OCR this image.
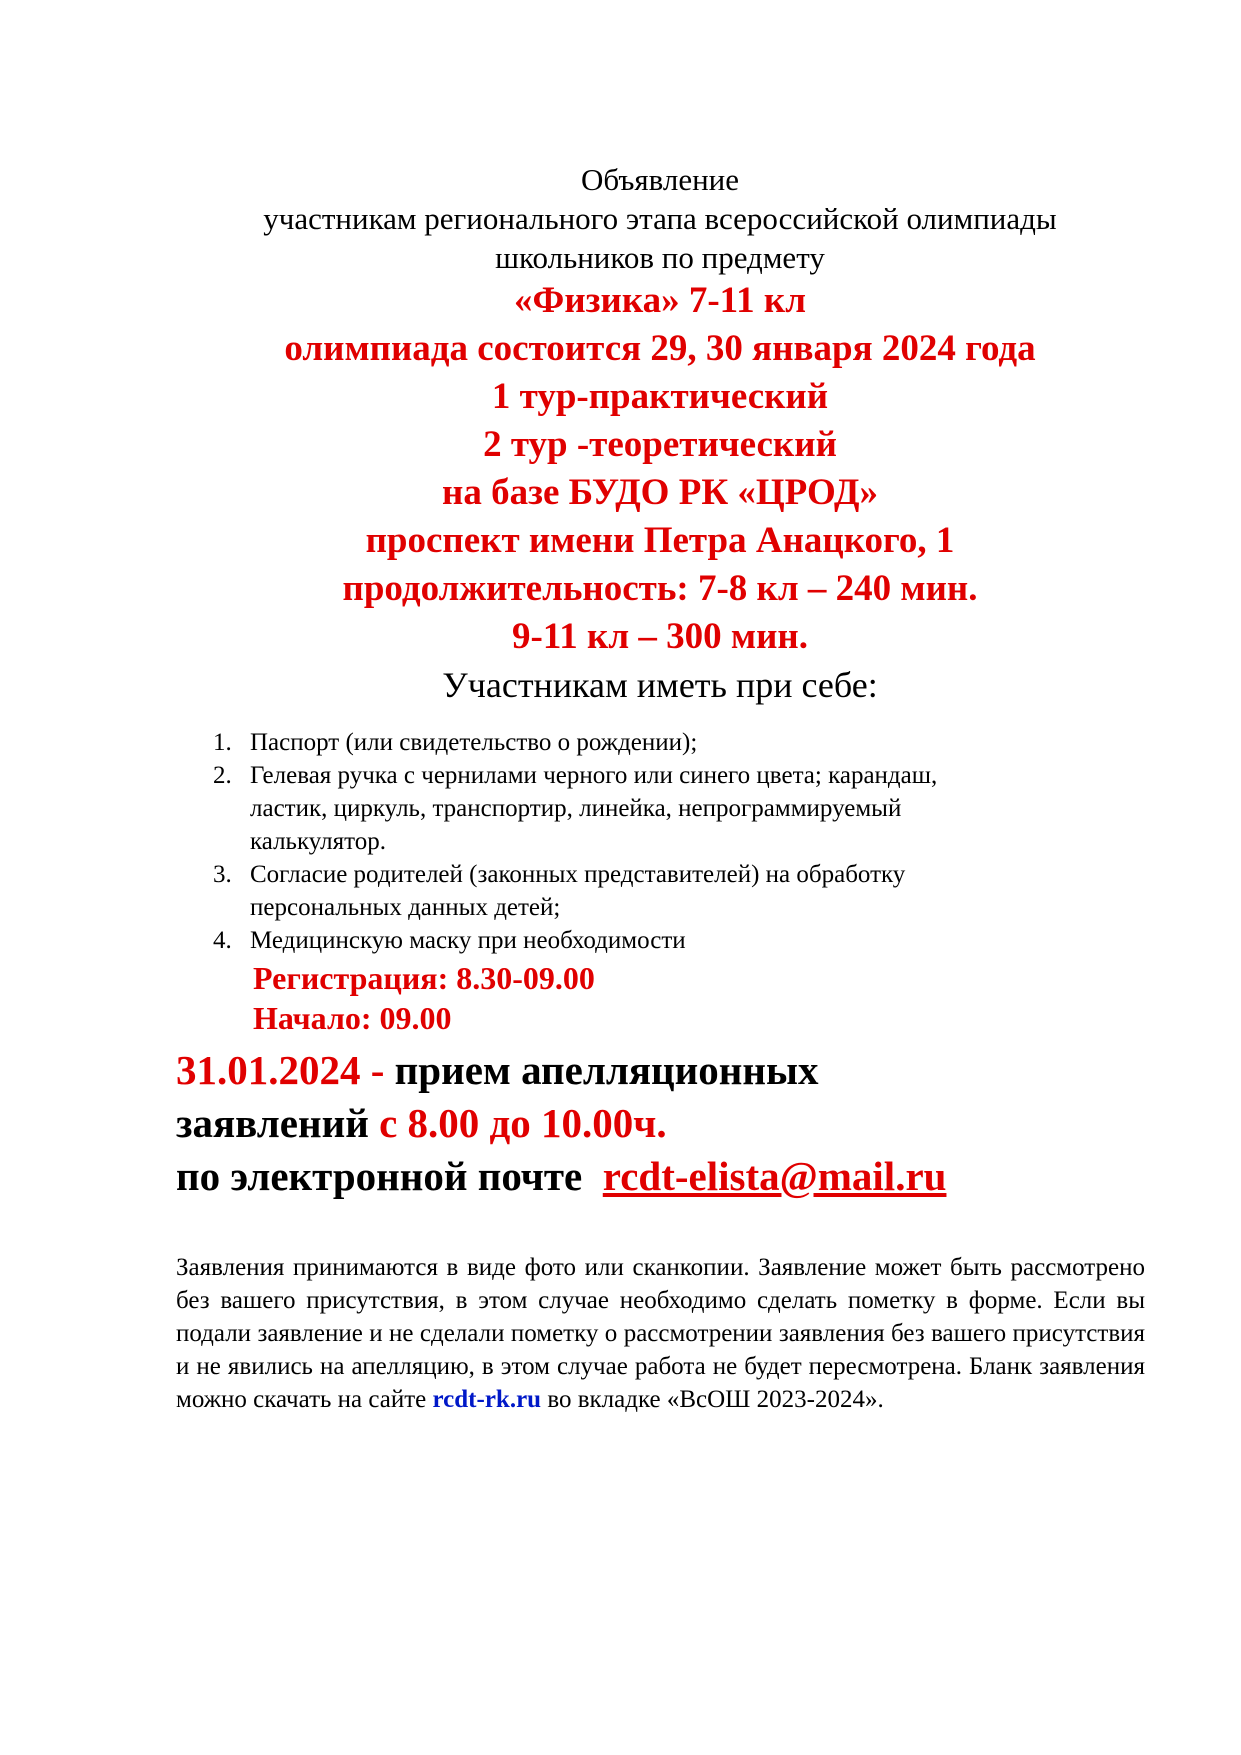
Объявление
участникам регионального этапа всероссийской олимпиады
школьников по предмету
«Физика» 7-11 кл
олимпиада состоится 29, 30 января 2024 года
1 тур-практический
2 тур -теоретический
на базе БУДО РК «ЦРОД»
проспект имени Петра Анацкого, 1
продолжительность: 7-8 кл – 240 мин.
9-11 кл – 300 мин.
Участникам иметь при себе:
1. Паспорт (или свидетельство о рождении);
2. Гелевая ручка с чернилами черного или синего цвета; карандаш,
ластик, циркуль, транспортир, линейка, непрограммируемый
калькулятор.
3. Согласие родителей (законных представителей) на обработку
персональных данных детей;
4. Медицинскую маску при необходимости
Регистрация: 8.30-09.00
Начало: 09.00
31.01.2024 - прием апелляционных
заявлений с 8.00 до 10.00ч.
по электронной почте rcdt-elista@mail.ru
Заявления принимаются в виде фото или сканкопии. Заявление может быть рассмотрено без вашего присутствия, в этом случае необходимо сделать пометку в форме. Если вы подали заявление и не сделали пометку о рассмотрении заявления без вашего присутствия и не явились на апелляцию, в этом случае работа не будет пересмотрена. Бланк заявления можно скачать на сайте rcdt-rk.ru во вкладке «ВсОШ 2023-2024».
